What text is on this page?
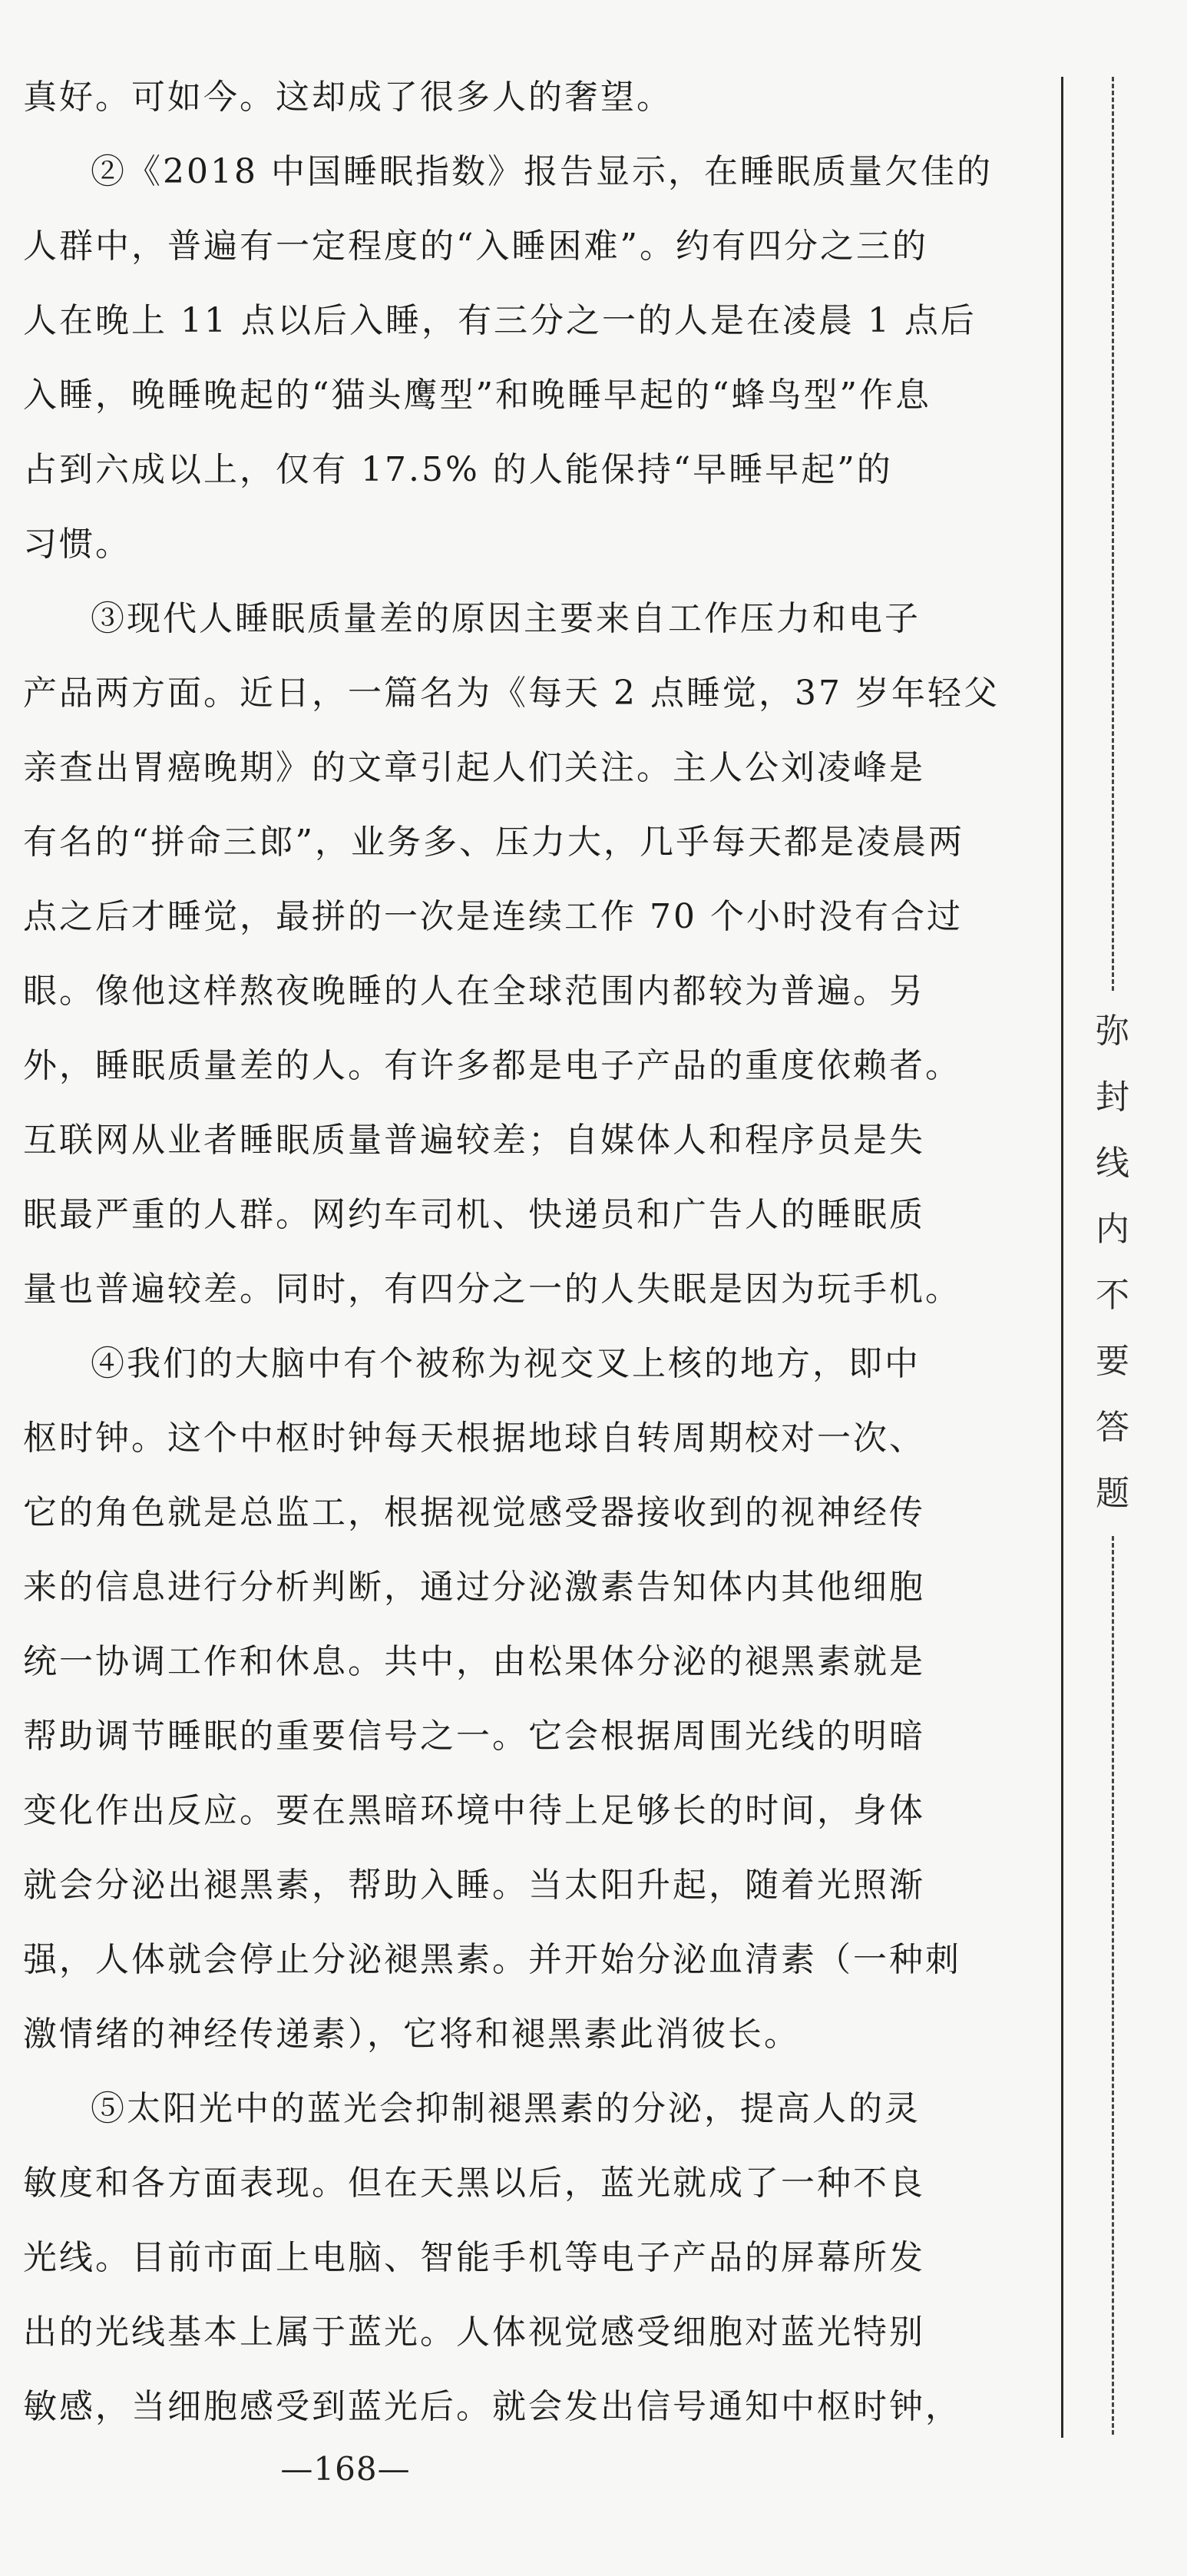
真好。可如今。这却成了很多人的奢望。
②《2018 中国睡眠指数》报告显示，在睡眠质量欠佳的
人群中，普遍有一定程度的“入睡困难”。约有四分之三的
人在晚上 11 点以后入睡，有三分之一的人是在凌晨 1 点后
入睡，晚睡晚起的“猫头鹰型”和晚睡早起的“蜂鸟型”作息
占到六成以上，仅有 17.5% 的人能保持“早睡早起”的
习惯。
③现代人睡眠质量差的原因主要来自工作压力和电子
产品两方面。近日，一篇名为《每天 2 点睡觉，37 岁年轻父
亲查出胃癌晚期》的文章引起人们关注。主人公刘凌峰是
有名的“拼命三郎”，业务多、压力大，几乎每天都是凌晨两
点之后才睡觉，最拼的一次是连续工作 70 个小时没有合过
眼。像他这样熬夜晚睡的人在全球范围内都较为普遍。另
外，睡眠质量差的人。有许多都是电子产品的重度依赖者。
互联网从业者睡眠质量普遍较差；自媒体人和程序员是失
眠最严重的人群。网约车司机、快递员和广告人的睡眠质
量也普遍较差。同时，有四分之一的人失眠是因为玩手机。
④我们的大脑中有个被称为视交叉上核的地方，即中
枢时钟。这个中枢时钟每天根据地球自转周期校对一次、
它的角色就是总监工，根据视觉感受器接收到的视神经传
来的信息进行分析判断，通过分泌激素告知体内其他细胞
统一协调工作和休息。共中，由松果体分泌的褪黑素就是
帮助调节睡眠的重要信号之一。它会根据周围光线的明暗
变化作出反应。要在黑暗环境中待上足够长的时间，身体
就会分泌出褪黑素，帮助入睡。当太阳升起，随着光照渐
强，人体就会停止分泌褪黑素。并开始分泌血清素（一种刺
激情绪的神经传递素），它将和褪黑素此消彼长。
⑤太阳光中的蓝光会抑制褪黑素的分泌，提高人的灵
敏度和各方面表现。但在天黑以后，蓝光就成了一种不良
光线。目前市面上电脑、智能手机等电子产品的屏幕所发
出的光线基本上属于蓝光。人体视觉感受细胞对蓝光特别
敏感，当细胞感受到蓝光后。就会发出信号通知中枢时钟，
弥
封
线
内
不
要
答
题
—168—
